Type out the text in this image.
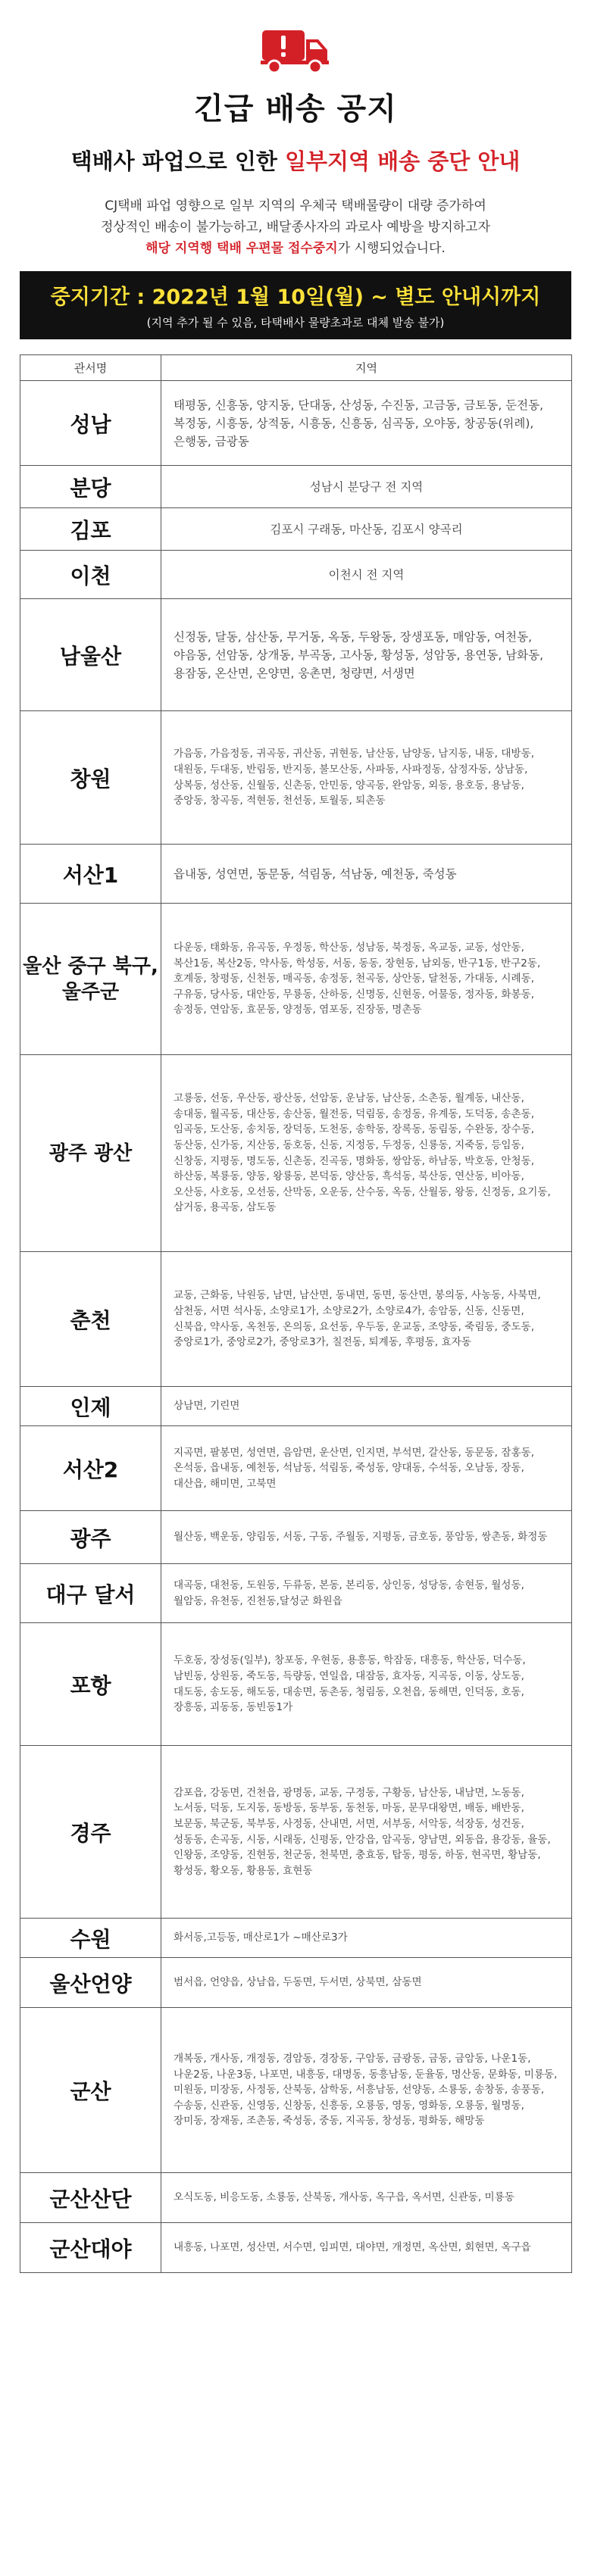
긴급 배송 공지
택배사 파업으로 인한 일부지역 배송 중단 안내
CJ택배 파업 영향으로 일부 지역의 우체국 택배물량이 대량 증가하여
정상적인 배송이 불가능하고, 배달종사자의 과로사 예방을 방지하고자
해당 지역행 택배 우편물 접수중지가 시행되었습니다.
중지기간 : 2022년 1월 10일(월) ~ 별도 안내시까지
(지역 추가 될 수 있음, 타택배사 물량초과로 대체 발송 불가)
관서명	지역
성남	태평동, 신흥동, 양지동, 단대동, 산성동, 수진동, 고금동, 금토동, 둔전동, 복정동, 시흥동, 상적동, 시흥동, 신흥동, 심곡동, 오야동, 창공동(위례), 은행동, 금광동
분당	성남시 분당구 전 지역
김포	김포시 구래동, 마산동, 김포시 양곡리
이천	이천시 전 지역
남울산	신정동, 달동, 삼산동, 무거동, 옥동, 두왕동, 장생포동, 매암동, 여천동, 야음동, 선암동, 상개동, 부곡동, 고사동, 황성동, 성암동, 용연동, 남화동, 용잠동, 온산면, 온양면, 웅촌면, 청량면, 서생면
창원	가음동, 가음정동, 귀곡동, 귀산동, 귀현동, 남산동, 남양동, 남지동, 내동, 대방동, 대원동, 두대동, 반림동, 반지동, 불모산동, 사파동, 사파정동, 삼정자동, 상남동, 상복동, 성산동, 신월동, 신촌동, 안민동, 양곡동, 완암동, 외동, 용호동, 용남동, 중앙동, 창곡동, 적현동, 천선동, 토월동, 퇴촌동
서산1	읍내동, 성연면, 동문동, 석림동, 석남동, 예천동, 죽성동
울산 중구 북구,울주군	다운동, 태화동, 유곡동, 우정동, 학산동, 성남동, 북정동, 옥교동, 교동, 성안동, 복산1동, 복산2동, 약사동, 학성동, 서동, 동동, 장현동, 남외동, 반구1동, 반구2동, 호계동, 창평동, 신천동, 매곡동, 송정동, 천곡동, 상안동, 달천동, 가대동, 시례동, 구유동, 당사동, 대안동, 무룡동, 산하동, 신명동, 신현동, 어물동, 정자동, 화봉동, 송정동, 연암동, 효문동, 양정동, 염포동, 진장동, 명촌동
광주 광산	고룡동, 선동, 우산동, 광산동, 선암동, 운남동, 남산동, 소촌동, 월계동, 내산동, 송대동, 월곡동, 대산동, 송산동, 월전동, 덕림동, 송정동, 유계동, 도덕동, 송촌동, 임곡동, 도산동, 송치동, 장덕동, 도천동, 송학동, 장록동, 동림동, 수완동, 장수동, 동산동, 신가동, 지산동, 동호동, 신동, 지정동, 두정동, 신룡동, 지죽동, 등임동, 신창동, 지평동, 명도동, 신촌동, 진곡동, 명화동, 쌍암동, 하남동, 박호동, 안청동, 하산동, 복룡동, 양동, 왕룡동, 본덕동, 양산동, 흑석동, 북산동, 연산동, 비아동, 오산동, 사호동, 오선동, 산막동, 오운동, 산수동, 옥동, 산월동, 왕동, 신정동, 요기동, 삼거동, 용곡동, 삼도동
춘천	교동, 근화동, 낙원동, 남면, 남산면, 동내면, 동면, 동산면, 봉의동, 사농동, 사북면, 삼천동, 서면 석사동, 소양로1가, 소양로2가, 소양로4가, 송암동, 신동, 신동면, 신북읍, 약사동, 옥천동, 온의동, 요선동, 우두동, 운교동, 조양동, 죽림동, 중도동, 중앙로1가, 중앙로2가, 중앙로3가, 칠전동, 퇴계동, 후평동, 효자동
인제	상남면, 기린면
서산2	지곡면, 팔봉면, 성연면, 음암면, 운산면, 인지면, 부석면, 갈산동, 동문동, 잠홍동, 온석동, 읍내동, 예천동, 석남동, 석림동, 죽성동, 양대동, 수석동, 오남동, 장동, 대산읍, 해미면, 고북면
광주	월산동, 백운동, 양림동, 서동, 구동, 주월동, 지평동, 금호동, 풍암동, 쌍촌동, 화정동
대구 달서	대곡동, 대천동, 도원동, 두류동, 본동, 본리동, 상인동, 성당동, 송현동, 월성동, 월암동, 유천동, 진천동,달성군 화원읍
포항	두호동, 장성동(일부), 창포동, 우현동, 용흥동, 학잠동, 대흥동, 학산동, 덕수동, 남빈동, 상원동, 죽도동, 득량동, 연일읍, 대잠동, 효자동, 지곡동, 이동, 상도동, 대도동, 송도동, 해도동, 대송면, 동촌동, 청림동, 오천읍, 동해면, 인덕동, 호동, 장흥동, 괴동동, 동빈동1가
경주	감포읍, 강동면, 건천읍, 광명동, 교동, 구정동, 구황동, 남산동, 내남면, 노동동, 노서동, 덕동, 도지동, 동방동, 동부동, 동천동, 마동, 문무대왕면, 배동, 배반동, 보문동, 북군동, 북부동, 사정동, 산내면, 서면, 서부동, 서악동, 석장동, 성건동, 성동동, 손곡동, 시동, 시래동, 신평동, 안강읍, 암곡동, 양남면, 외동읍, 용강동, 율동, 인왕동, 조양동, 진현동, 천군동, 천북면, 충효동, 탑동, 평동, 하동, 현곡면, 황남동, 황성동, 황오동, 황용동, 효현동
수원	화서동,고등동, 매산로1가 ~매산로3가
울산언양	범서읍, 언양읍, 상남읍, 두동면, 두서면, 상북면, 삼동면
군산	개복동, 개사동, 개정동, 경암동, 경장동, 구암동, 금광동, 금동, 금암동, 나운1동, 나운2동, 나운3동, 나포면, 내흥동, 대명동, 동흥남동, 둔율동, 명산동, 문화동, 미룡동, 미원동, 미장동, 사정동, 산북동, 삼학동, 서흥남동, 선양동, 소룡동, 송창동, 송풍동, 수송동, 신관동, 신영동, 신창동, 신흥동, 오룡동, 영동, 영화동, 오룡동, 월명동, 장미동, 장재동, 조촌동, 죽성동, 중동, 지곡동, 창성동, 평화동, 해망동
군산산단	오식도동, 비응도동, 소룡동, 산북동, 개사동, 옥구읍, 옥서면, 신관동, 미룡동
군산대야	내흥동, 나포면, 성산면, 서수면, 임피면, 대야면, 개정면, 옥산면, 회현면, 옥구읍
